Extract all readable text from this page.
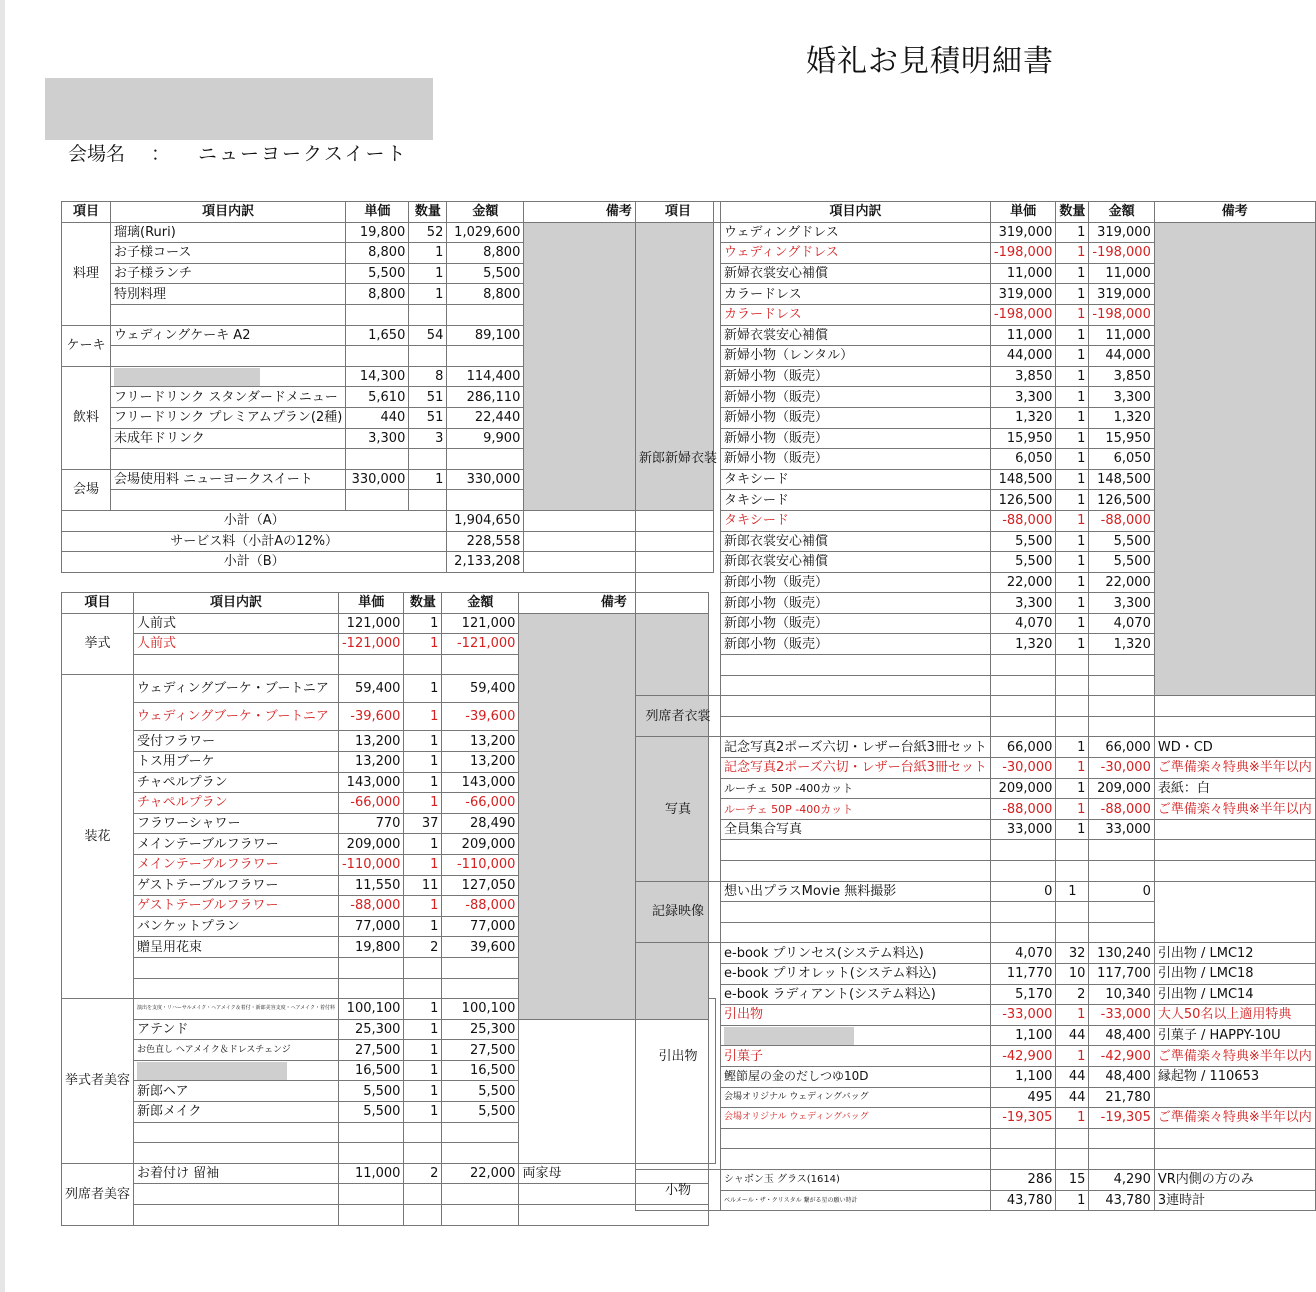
婚礼お見積明細書
会場名 ： ニューヨークスイート
項目	項目内訳	単価	数量	金額	備考
料理	瑠璃(Ruri)	19,800	52	1,029,600	
	お子様コース	8,800	1	8,800	
	お子様ランチ	5,500	1	5,500	
	特別料理	8,800	1	8,800	

ケーキ	ウェディングケーキ A2	1,650	54	89,100	

飲料		14,300	8	114,400	
	フリードリンク スタンダードメニュー	5,610	51	286,110	
	フリードリンク プレミアムプラン(2種)	440	51	22,440	
	未成年ドリンク	3,300	3	9,900	

会場	会場使用料 ニューヨークスイート	330,000	1	330,000	

小計（A）				1,904,650	
サービス料（小計Aの12%）				228,558	
小計（B）				2,133,208	
項目	項目内訳	単価	数量	金額	備考	
挙式	人前式	121,000	1	121,000		
	人前式	-121,000	1	-121,000		

装花	ウェディングブーケ・ブートニア	59,400	1	59,400		
	ウェディングブーケ・ブートニア	-39,600	1	-39,600		
	受付フラワー	13,200	1	13,200		
	トス用ブーケ	13,200	1	13,200		
	チャペルプラン	143,000	1	143,000		
	チャペルプラン	-66,000	1	-66,000		
	フラワーシャワー	770	37	28,490		
	メインテーブルフラワー	209,000	1	209,000		
	メインテーブルフラワー	-110,000	1	-110,000		
	ゲストテーブルフラワー	11,550	11	127,050		
	ゲストテーブルフラワー	-88,000	1	-88,000		
	バンケットプラン	77,000	1	77,000		
	贈呈用花束	19,800	2	39,600		

挙式者美容	演出を支度・リハーサルメイク・ヘアメイク＆着付・新郎美容支度・ヘアメイク・着付料	100,100	1	100,100		
	アテンド	25,300	1	25,300		
	お色直し ヘアメイク＆ドレスチェンジ	27,500	1	27,500		

		16,500	1	16,500		
	新郎ヘア	5,500	1	5,500		
	新郎メイク	5,500	1	5,500		

列席者美容	お着付け 留袖	11,000	2	22,000	両家母	

項目	項目内訳	単価	数量	金額	備考
新郎新婦衣装	ウェディングドレス	319,000	1	319,000	
	ウェディングドレス	-198,000	1	-198,000	
	新婦衣裳安心補償	11,000	1	11,000	
	カラードレス	319,000	1	319,000	
	カラードレス	-198,000	1	-198,000	
	新婦衣裳安心補償	11,000	1	11,000	
	新婦小物（レンタル）	44,000	1	44,000	
	新婦小物（販売）	3,850	1	3,850	
	新婦小物（販売）	3,300	1	3,300	
	新婦小物（販売）	1,320	1	1,320	
	新婦小物（販売）	15,950	1	15,950	
	新婦小物（販売）	6,050	1	6,050	
	タキシード	148,500	1	148,500	
	タキシード	126,500	1	126,500	
	タキシード	-88,000	1	-88,000	
	新郎衣裳安心補償	5,500	1	5,500	
	新郎衣裳安心補償	5,500	1	5,500	
	新郎小物（販売）	22,000	1	22,000	
	新郎小物（販売）	3,300	1	3,300	
	新郎小物（販売）	4,070	1	4,070	
	新郎小物（販売）	1,320	1	1,320	

列席者衣裳					

写真	記念写真2ポーズ六切・レザー台紙3冊セット	66,000	1	66,000	WD・CD
	記念写真2ポーズ六切・レザー台紙3冊セット	-30,000	1	-30,000	ご準備楽々特典※半年以内
	ルーチェ 50P -400カット	209,000	1	209,000	表紙：白
	ルーチェ 50P -400カット	-88,000	1	-88,000	ご準備楽々特典※半年以内
	全員集合写真	33,000	1	33,000	

記録映像	想い出プラスMovie 無料撮影	0	1	0	

引出物	e-book プリンセス(システム料込)	4,070	32	130,240	引出物 / LMC12
	e-book プリオレット(システム料込)	11,770	10	117,700	引出物 / LMC18
	e-book ラディアント(システム料込)	5,170	2	10,340	引出物 / LMC14
	引出物	-33,000	1	-33,000	大人50名以上適用特典

		1,100	44	48,400	引菓子 / HAPPY-10U
	引菓子	-42,900	1	-42,900	ご準備楽々特典※半年以内
	鰹節屋の金のだしつゆ10D	1,100	44	48,400	縁起物 / 110653
	会場オリジナル ウェディングバッグ	495	44	21,780	
	会場オリジナル ウェディングバッグ	-19,305	1	-19,305	ご準備楽々特典※半年以内

小物	シャボン玉 グラス(1614)	286	15	4,290	VR内側の方のみ
	ベルメール・ザ・クリスタル 繋がる星の願い時計	43,780	1	43,780	3連時計
